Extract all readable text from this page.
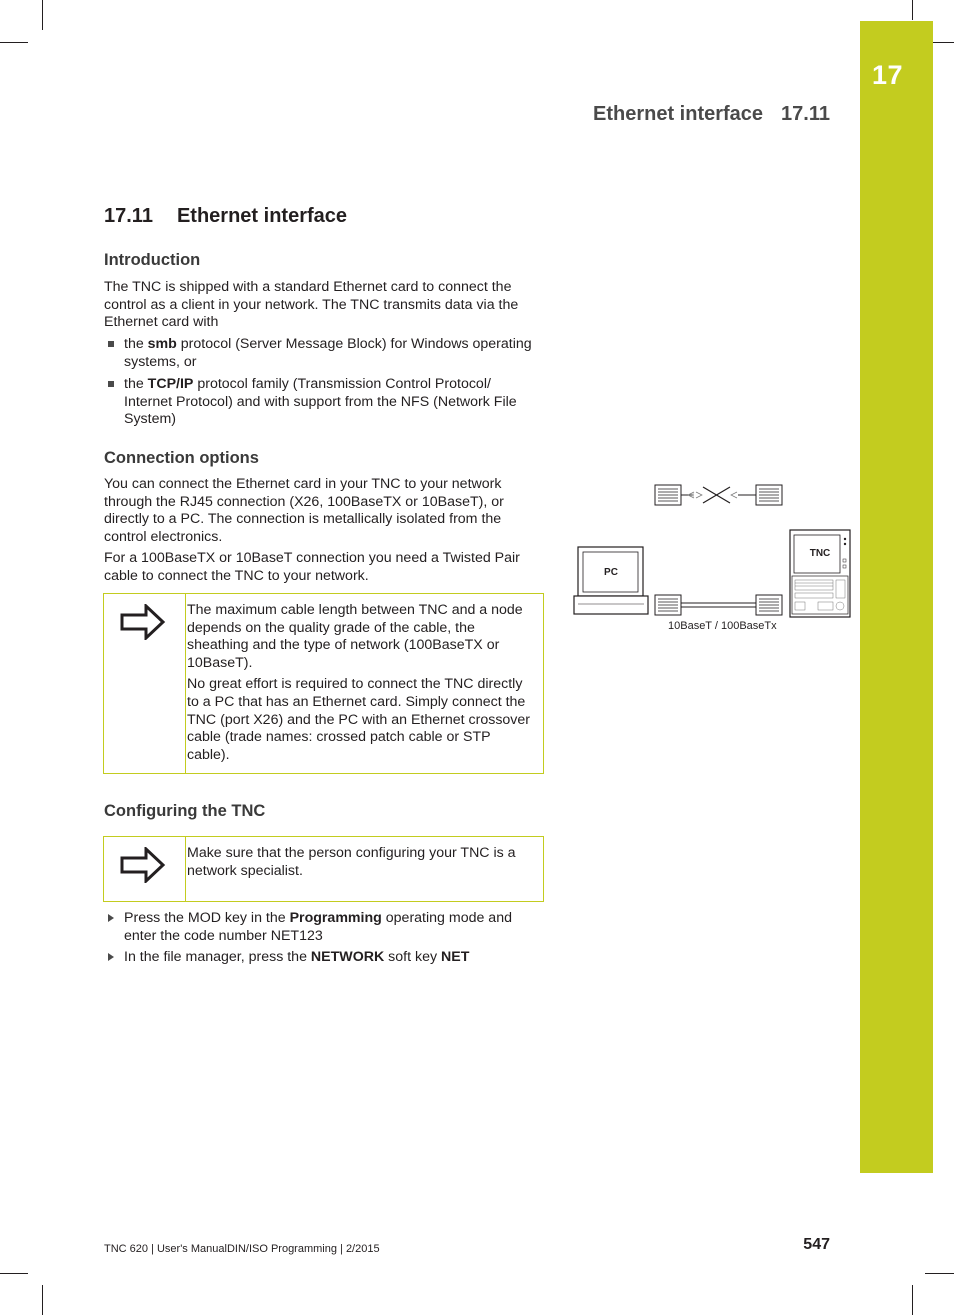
17
Ethernet interface 17.11
17.11 Ethernet interface
Introduction

The TNC is shipped with a standard Ethernet card to connect the control as a client in your network. The TNC transmits data via the Ethernet card with

the smb protocol (Server Message Block) for Windows operating systems, or
the TCP/IP protocol family (Transmission Control Protocol/ Internet Protocol) and with support from the NFS (Network File System)
Connection options

You can connect the Ethernet card in your TNC to your network through the RJ45 connection (X26, 100BaseTX or 10BaseT), or directly to a PC. The connection is metallically isolated from the control electronics.

For a 100BaseTX or 10BaseT connection you need a Twisted Pair cable to connect the TNC to your network.

The maximum cable length between TNC and a node depends on the quality grade of the cable, the sheathing and the type of network (100BaseTX or 10BaseT).

No great effort is required to connect the TNC directly to a PC that has an Ethernet card. Simply connect the TNC (port X26) and the PC with an Ethernet crossover cable (trade names: crossed patch cable or STP cable).

Configuring the TNC
Make sure that the person configuring your TNC is a network specialist.
Press the MOD key in the Programming operating mode and enter the code number NET123
In the file manager, press the NETWORK soft key NET
PC
TNC
10BaseT / 100BaseTx
TNC 620 | User's ManualDIN/ISO Programming | 2/2015	547
